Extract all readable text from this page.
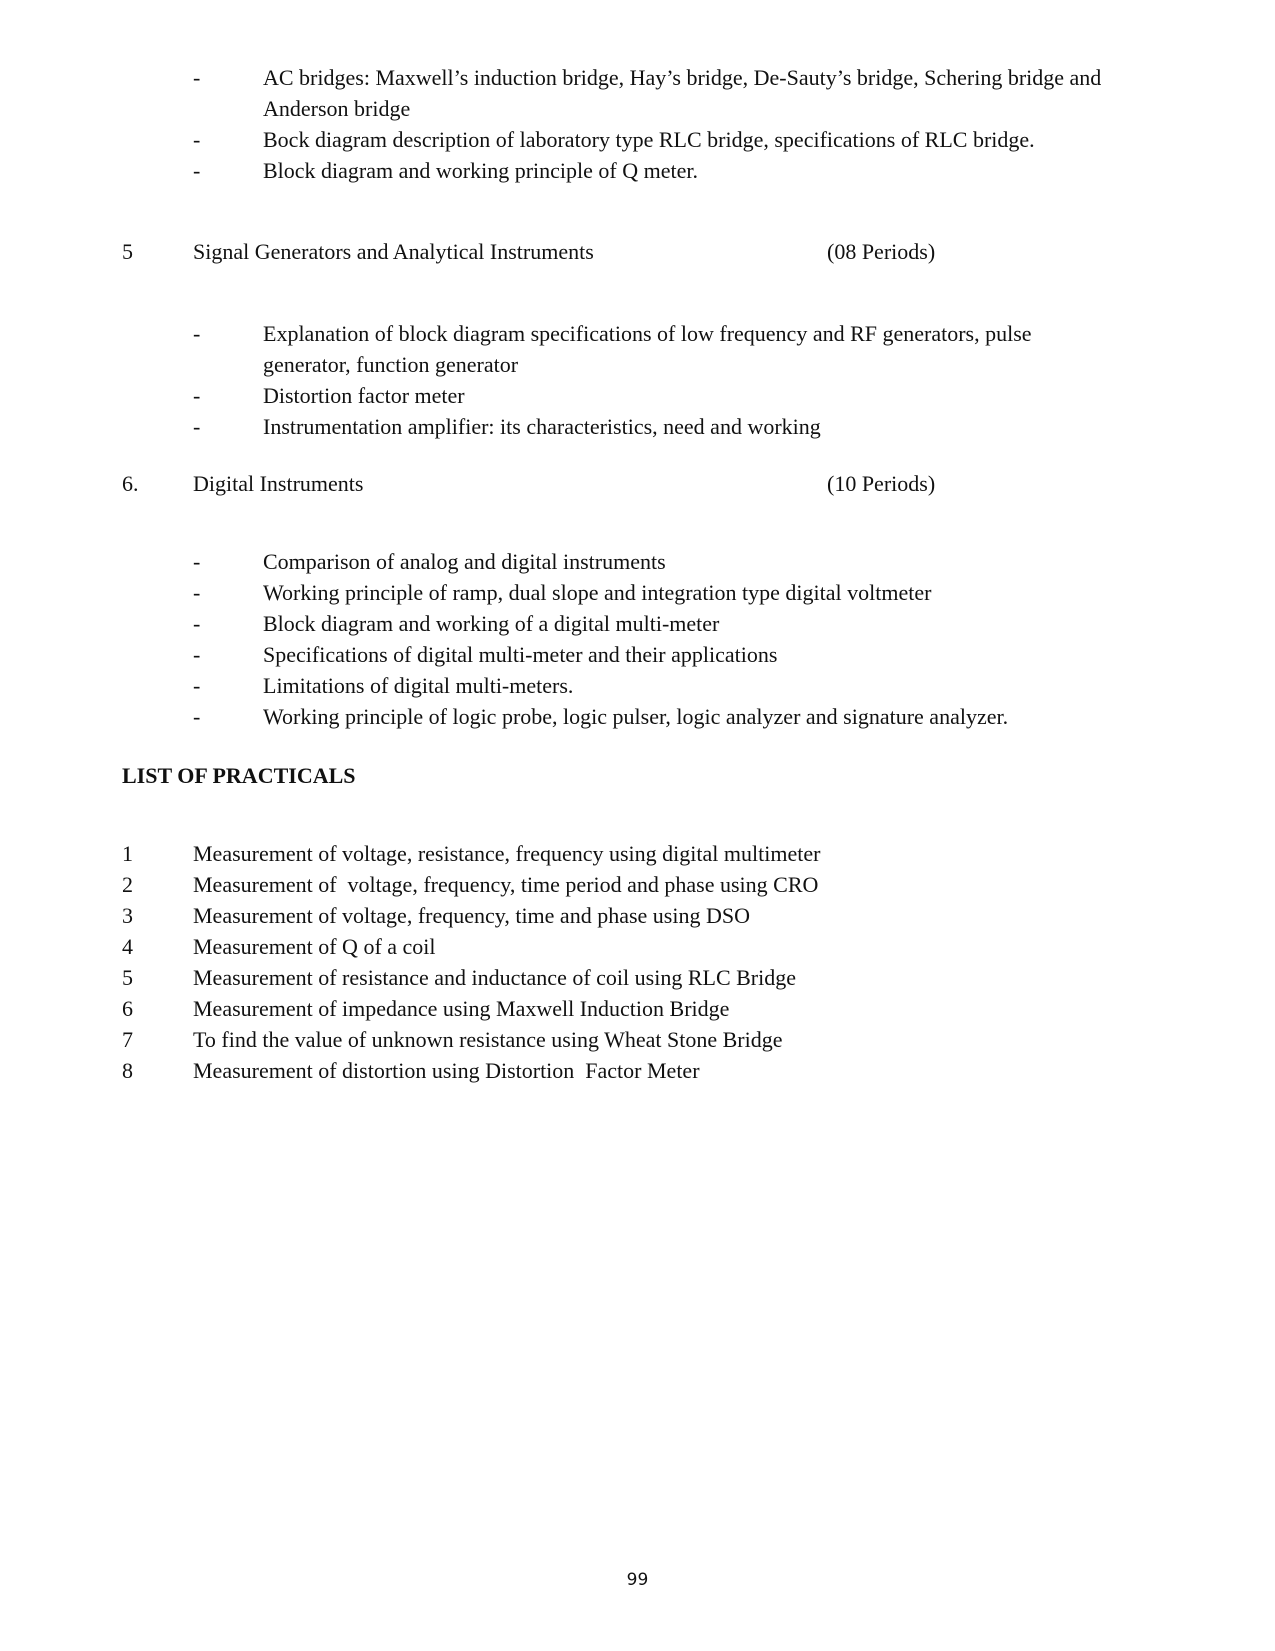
-	AC bridges: Maxwell’s induction bridge, Hay’s bridge, De-Sauty’s bridge, Schering bridge and Anderson bridge
-	Bock diagram description of laboratory type RLC bridge, specifications of RLC bridge.
-	Block diagram and working principle of Q meter.
5	Signal Generators and Analytical Instruments	(08 Periods)
-	Explanation of block diagram specifications of low frequency and RF generators, pulse generator, function generator
-	Distortion factor meter
-	Instrumentation amplifier: its characteristics, need and working
6. Digital Instruments	(10 Periods)
-	Comparison of analog and digital instruments
-	Working principle of ramp, dual slope and integration type digital voltmeter
-	Block diagram and working of a digital multi-meter
-	Specifications of digital multi-meter and their applications
-	Limitations of digital multi-meters.
-	Working principle of logic probe, logic pulser, logic analyzer and signature analyzer.
LIST OF PRACTICALS
1	Measurement of voltage, resistance, frequency using digital multimeter
2	Measurement of  voltage, frequency, time period and phase using CRO
3	Measurement of voltage, frequency, time and phase using DSO
4	Measurement of Q of a coil
5	Measurement of resistance and inductance of coil using RLC Bridge
6	Measurement of impedance using Maxwell Induction Bridge
7	To find the value of unknown resistance using Wheat Stone Bridge
8	Measurement of distortion using Distortion  Factor Meter
99
